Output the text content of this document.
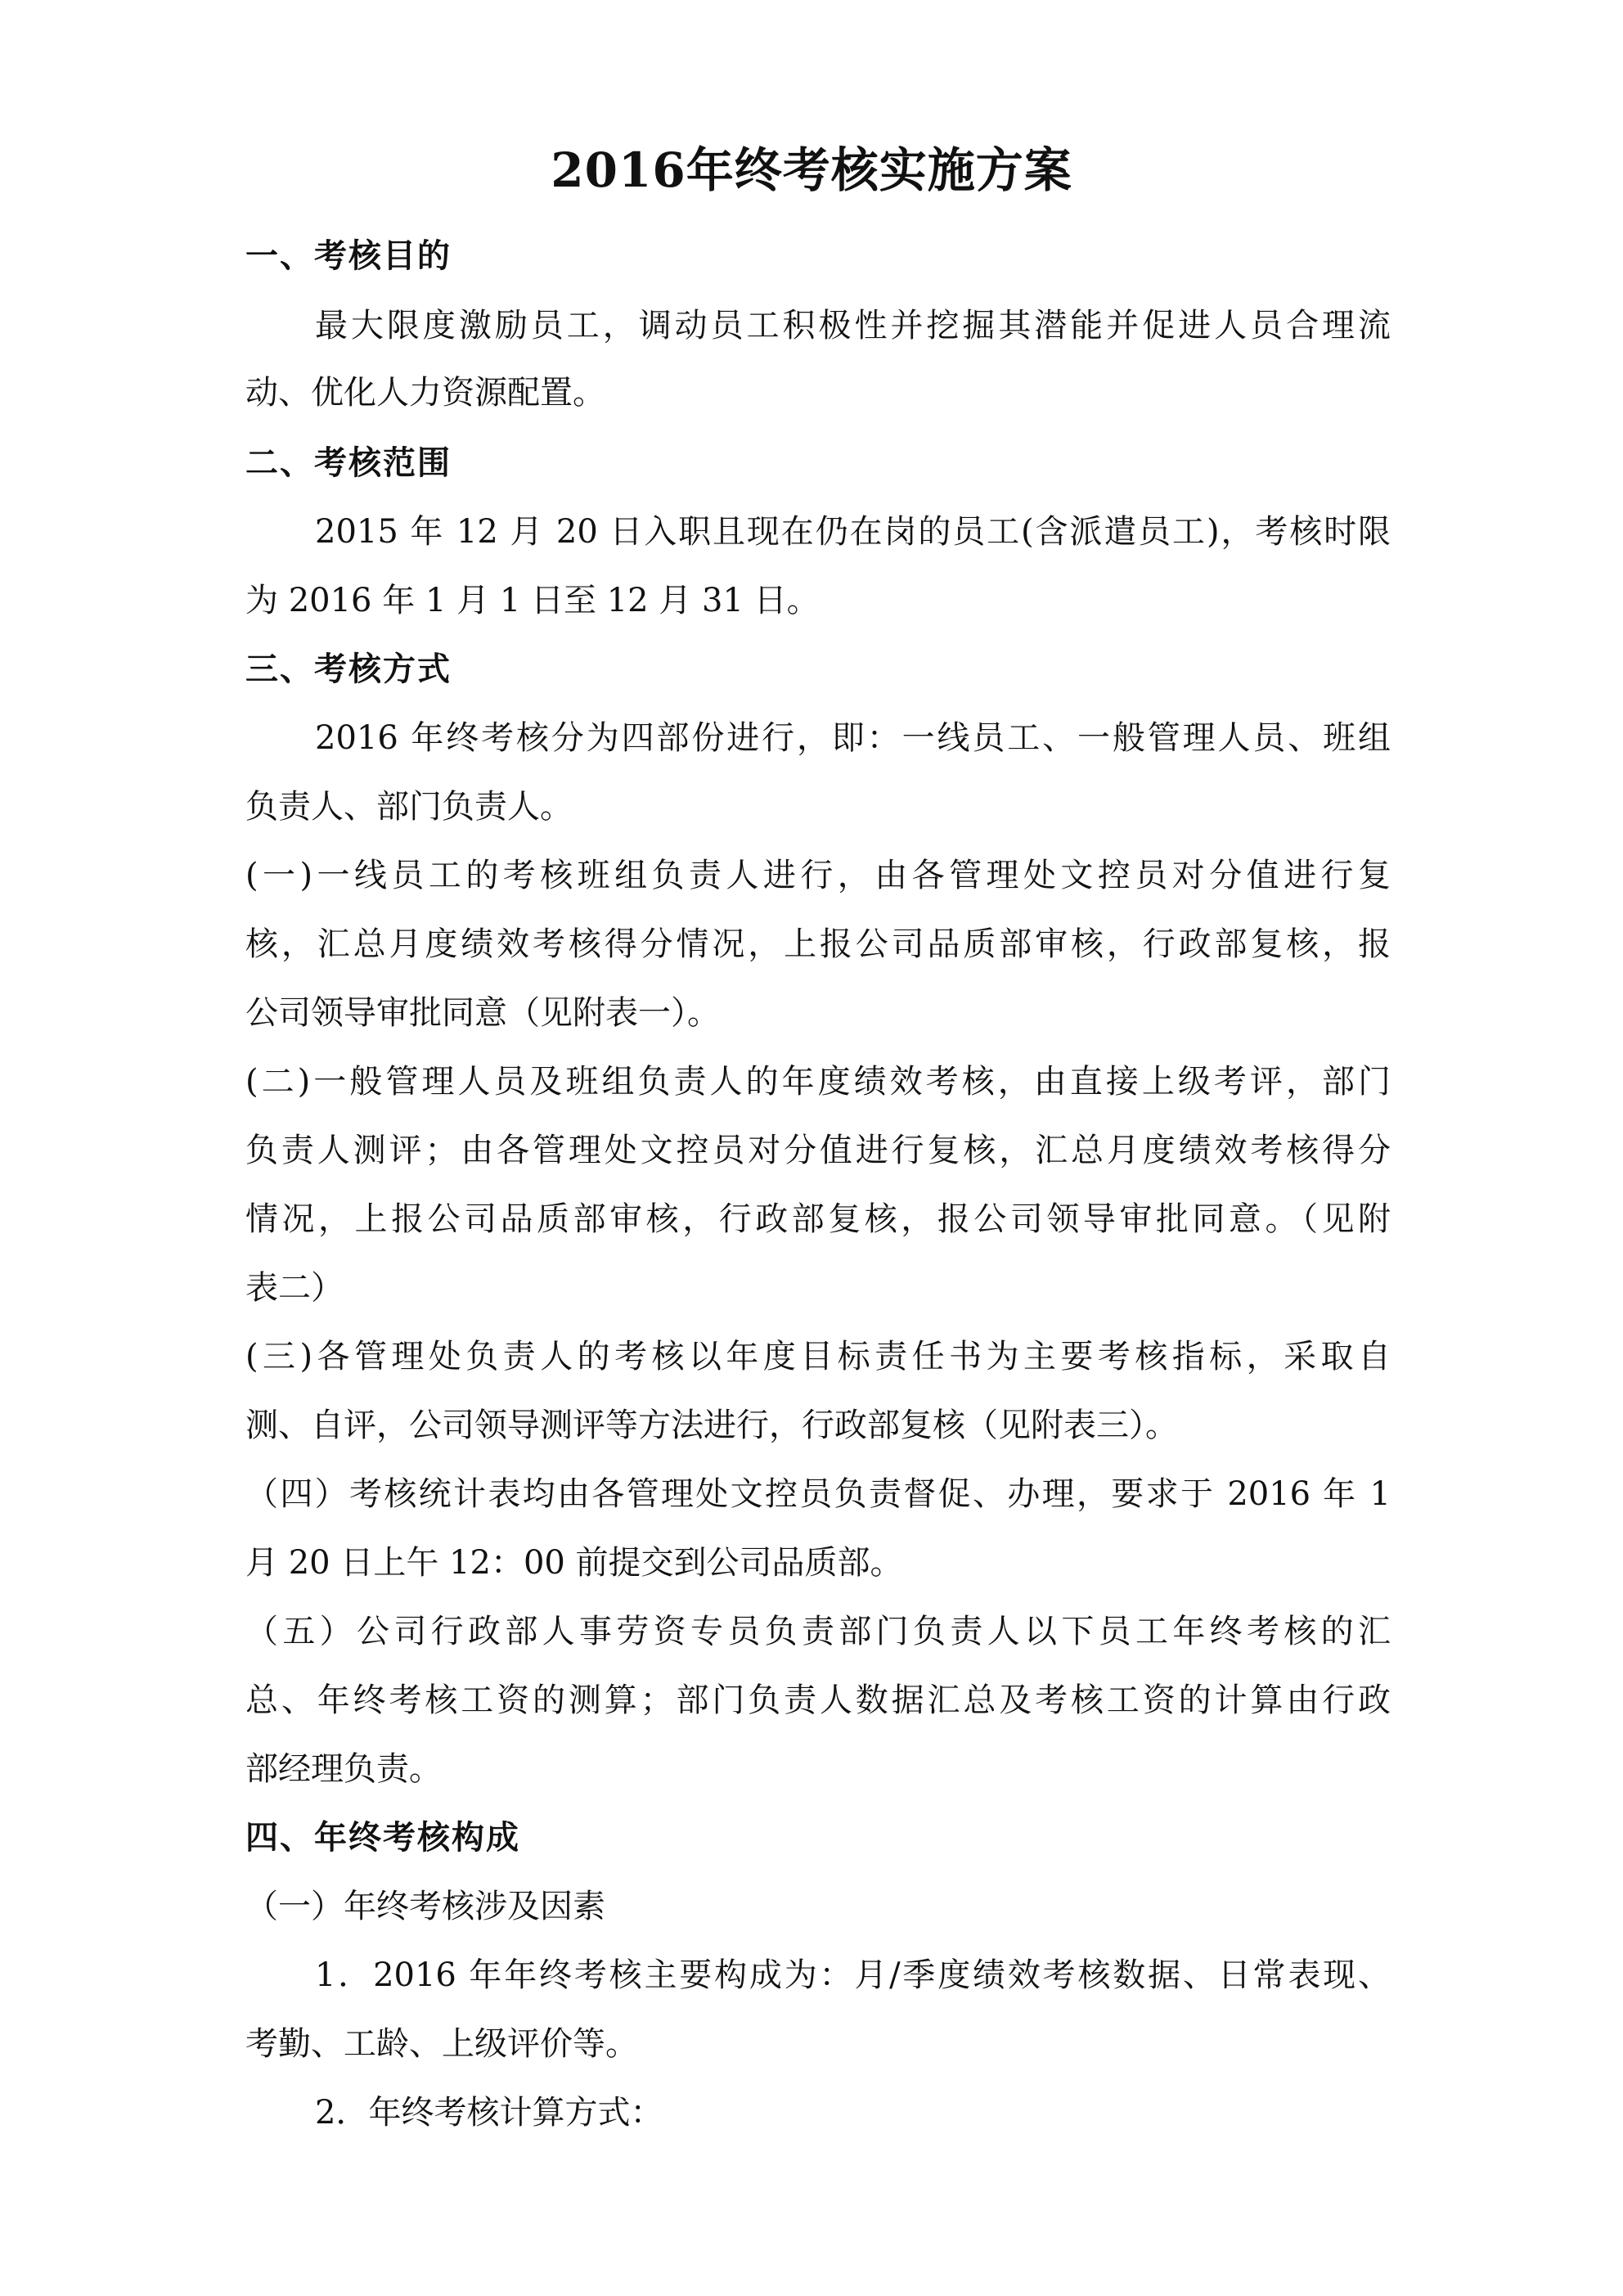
2016年终考核实施方案
一、考核目的
最大限度激励员工，调动员工积极性并挖掘其潜能并促进人员合理流
动、优化人力资源配置。
二、考核范围
2015 年 12 月 20 日入职且现在仍在岗的员工(含派遣员工)，考核时限
为 2016 年 1 月 1 日至 12 月 31 日。
三、考核方式
2016 年终考核分为四部份进行，即：一线员工、一般管理人员、班组
负责人、部门负责人。
(一)一线员工的考核班组负责人进行，由各管理处文控员对分值进行复
核，汇总月度绩效考核得分情况，上报公司品质部审核，行政部复核，报
公司领导审批同意（见附表一）。
(二)一般管理人员及班组负责人的年度绩效考核，由直接上级考评，部门
负责人测评；由各管理处文控员对分值进行复核，汇总月度绩效考核得分
情况，上报公司品质部审核，行政部复核，报公司领导审批同意。（见附
表二）
(三)各管理处负责人的考核以年度目标责任书为主要考核指标，采取自
测、自评，公司领导测评等方法进行，行政部复核（见附表三）。
（四）考核统计表均由各管理处文控员负责督促、办理，要求于 2016 年 1
月 20 日上午 12：00 前提交到公司品质部。
（五）公司行政部人事劳资专员负责部门负责人以下员工年终考核的汇
总、年终考核工资的测算；部门负责人数据汇总及考核工资的计算由行政
部经理负责。
四、年终考核构成
（一）年终考核涉及因素
1．2016 年年终考核主要构成为：月/季度绩效考核数据、日常表现、
考勤、工龄、上级评价等。
2．年终考核计算方式：
